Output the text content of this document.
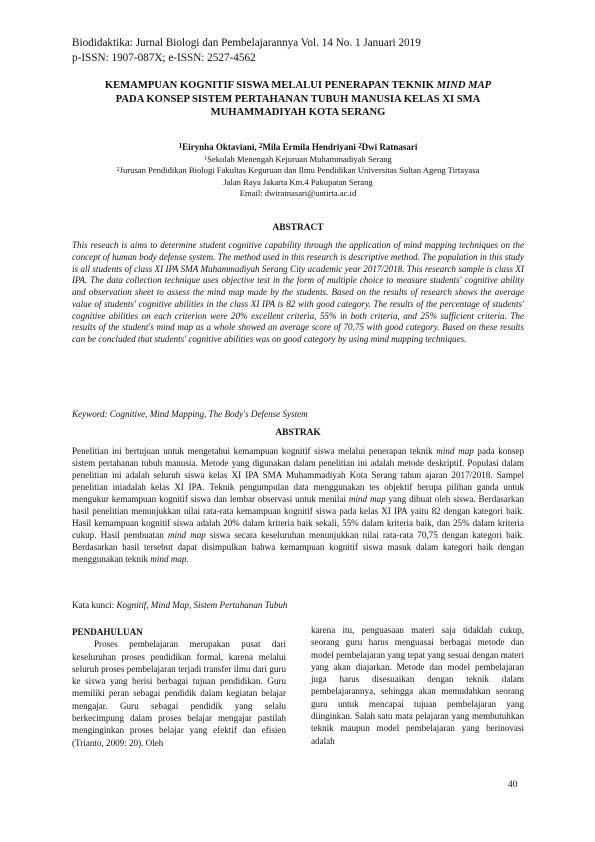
Biodidaktika: Jurnal Biologi dan Pembelajarannya Vol. 14 No. 1 Januari 2019
p-ISSN: 1907-087X; e-ISSN: 2527-4562
KEMAMPUAN KOGNITIF SISWA MELALUI PENERAPAN TEKNIK MIND MAP
PADA KONSEP SISTEM PERTAHANAN TUBUH MANUSIA KELAS XI SMA
MUHAMMADIYAH KOTA SERANG
$^1$Eirynha Oktaviani, $^2$Mila Ermila Hendriyani $^2$Dwi Ratnasari
$^1$Sekolah Menengah Kejuruan Muhammadiyah Serang
$^2$Jurusan Pendidikan Biologi Fakultas Keguruan dan Ilmu Pendidikan Universitas Sultan Ageng Tirtayasa
Jalan Raya Jakarta Km.4 Pakupatan Serang
Email: dwiratnasari@untirta.ac.id
ABSTRACT
This reseach is aims to determine student cognitive capability through the application of mind mapping techniques on the concept of human body defense system. The method used in this research is descriptive method. The population in this study is all students of class XI IPA SMA Muhammadiyah Serang City academic year 2017/2018. This research sample is class XI IPA. The data collection technique uses objective test in the form of multiple choice to measure students' cognitive ability and observation sheet to assess the mind map made by the students. Based on the results of research shows the average value of students' cognitive abilities in the class XI IPA is 82 with good category. The results of the percentage of students' cognitive abilities on each criterion were 20% excellent criteria, 55% in both criteria, and 25% sufficient criteria. The results of the student's mind map as a whole showed an average score of 70.75 with good category. Based on these results can be concluded that students' cognitive abilities was on good category by using mind mapping techniques.
Keyword: Cognitive, Mind Mapping, The Body's Defense System
ABSTRAK
Penelitian ini bertujuan untuk mengetahui kemampuan kognitif siswa melalui penerapan teknik mind map pada konsep sistem pertahanan tubuh manusia. Metode yang digunakan dalam penelitian ini adalah metode deskriptif. Populasi dalam penelitian ini adalah seluruh siswa kelas XI IPA SMA Muhammadiyah Kota Serang tahun ajaran 2017/2018. Sampel penelitian iniadalah kelas XI IPA. Teknik pengumpulan data menggunakan tes objektif berupa pilihan ganda untuk mengukur kemampuan kognitif siswa dan lembar observasi untuk menilai mind map yang dibuat oleh siswa. Berdasarkan hasil penelitian menunjukkan nilai rata-rata kemampuan kognitif siswa pada kelas XI IPA yaitu 82 dengan kategori baik. Hasil kemampuan kognitif siswa adalah 20% dalam kriteria baik sekali, 55% dalam kriteria baik, dan 25% dalam kriteria cukup. Hasil pembuatan mind map siswa secara keseluruhan menunjukkan nilai rata-rata 70,75 dengan kategori baik. Berdasarkan hasil tersebut dapat disimpulkan bahwa kemampuan kognitif siswa masuk dalam kategori baik dengan menggunakan teknik mind map.
Kata kunci: Kognitif, Mind Map, Sistem Pertahanan Tubuh
PENDAHULUAN
Proses pembelajaran merupakan pusat dari keseluruhan proses pendidikan formal, karena melalui seluruh proses pembelajaran terjadi transfer ilmu dari guru ke siswa yang berisi berbagai tujuan pendidikan. Guru memiliki peran sebagai pendidik dalam kegiatan belajar mengajar. Guru sebagai pendidik yang selalu berkecimpung dalam proses belajar mengajar pastilah menginginkan proses belajar yang efektif dan efisien (Trianto, 2009: 20). Oleh
karena itu, penguasaan materi saja tidaklah cukup, seorang guru harus menguasai berbagai metode dan model pembelajaran yang tepat yang sesuai dengan materi yang akan diajarkan. Metode dan model pembelajaran juga harus disesuaikan dengan teknik dalam pembelajarannya, sehingga akan memudahkan seorang guru untuk mencapai tujuan pembelajaran yang diinginkan. Salah satu mata pelajaran yang membutuhkan teknik maupun model pembelajaran yang berinovasi adalah
40
